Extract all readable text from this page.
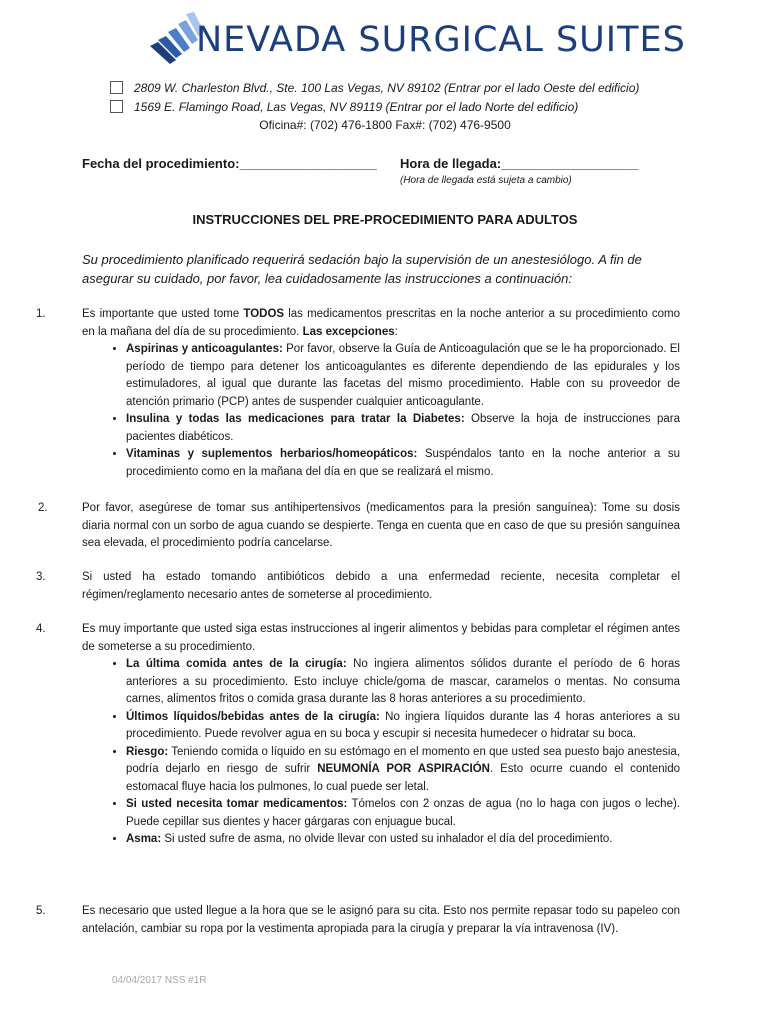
NEVADA SURGICAL SUITES
2809 W. Charleston Blvd., Ste. 100 Las Vegas, NV 89102 (Entrar por el lado Oeste del edificio)
1569 E. Flamingo Road, Las Vegas, NV 89119 (Entrar por el lado Norte del edificio)
Oficina#: (702) 476-1800 Fax#: (702) 476-9500
Fecha del procedimiento:___________________ Hora de llegada:___________________
(Hora de llegada está sujeta a cambio)
INSTRUCCIONES DEL PRE-PROCEDIMIENTO PARA ADULTOS
Su procedimiento planificado requerirá sedación bajo la supervisión de un anestesiólogo. A fin de asegurar su cuidado, por favor, lea cuidadosamente las instrucciones a continuación:
1.	Es importante que usted tome TODOS las medicamentos prescritas en la noche anterior a su procedimiento como en la mañana del día de su procedimiento. Las excepciones:
• Aspirinas y anticoagulantes: Por favor, observe la Guía de Anticoagulación que se le ha proporcionado. El período de tiempo para detener los anticoagulantes es diferente dependiendo de las epidurales y los estimuladores, al igual que durante las facetas del mismo procedimiento. Hable con su proveedor de atención primario (PCP) antes de suspender cualquier anticoagulante.
• Insulina y todas las medicaciones para tratar la Diabetes: Observe la hoja de instrucciones para pacientes diabéticos.
• Vitaminas y suplementos herbarios/homeopáticos: Suspéndalos tanto en la noche anterior a su procedimiento como en la mañana del día en que se realizará el mismo.
2.	Por favor, asegúrese de tomar sus antihipertensivos (medicamentos para la presión sanguínea): Tome su dosis diaria normal con un sorbo de agua cuando se despierte. Tenga en cuenta que en caso de que su presión sanguínea sea elevada, el procedimiento podría cancelarse.
3.	Si usted ha estado tomando antibióticos debido a una enfermedad reciente, necesita completar el régimen/reglamento necesario antes de someterse al procedimiento.
4.	Es muy importante que usted siga estas instrucciones al ingerir alimentos y bebidas para completar el régimen antes de someterse a su procedimiento.
• La última comida antes de la cirugía: No ingiera alimentos sólidos durante el período de 6 horas anteriores a su procedimiento. Esto incluye chicle/goma de mascar, caramelos o mentas. No consuma carnes, alimentos fritos o comida grasa durante las 8 horas anteriores a su procedimiento.
• Últimos líquidos/bebidas antes de la cirugía: No ingiera líquidos durante las 4 horas anteriores a su procedimiento. Puede revolver agua en su boca y escupir si necesita humedecer o hidratar su boca.
• Riesgo: Teniendo comida o líquido en su estómago en el momento en que usted sea puesto bajo anestesia, podría dejarlo en riesgo de sufrir NEUMONÍA POR ASPIRACIÓN. Esto ocurre cuando el contenido estomacal fluye hacia los pulmones, lo cual puede ser letal.
• Si usted necesita tomar medicamentos: Tómelos con 2 onzas de agua (no lo haga con jugos o leche). Puede cepillar sus dientes y hacer gárgaras con enjuague bucal.
• Asma: Si usted sufre de asma, no olvide llevar con usted su inhalador el día del procedimiento.
5.	Es necesario que usted llegue a la hora que se le asignó para su cita. Esto nos permite repasar todo su papeleo con antelación, cambiar su ropa por la vestimenta apropiada para la cirugía y preparar la vía intravenosa (IV).
04/04/2017 NSS #1R
